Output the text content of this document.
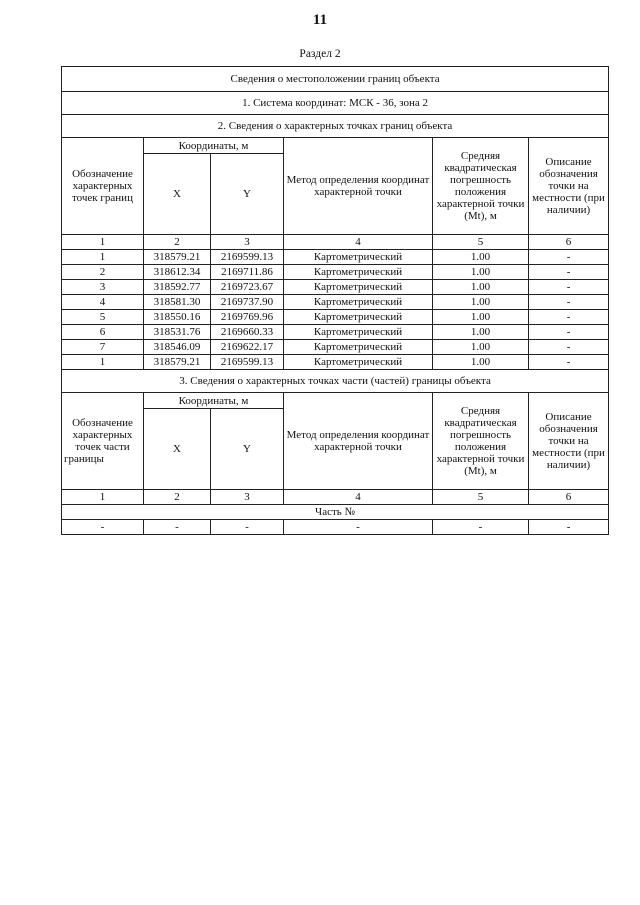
11
Раздел 2
Сведения о местоположении границ объекта					
1. Система координат: МСК - 36, зона 2					
2. Сведения о характерных точках границ объекта					
Обозначение характерных точек границ	Координаты, м		Метод определения координат характерной точки	Средняя квадратическая погрешность положения характерной точки (Mt), м	Описание обозначения точки на местности (при наличии)
	X	Y			
1	2	3	4	5	6
1	318579.21	2169599.13	Картометрический	1.00	-
2	318612.34	2169711.86	Картометрический	1.00	-
3	318592.77	2169723.67	Картометрический	1.00	-
4	318581.30	2169737.90	Картометрический	1.00	-
5	318550.16	2169769.96	Картометрический	1.00	-
6	318531.76	2169660.33	Картометрический	1.00	-
7	318546.09	2169622.17	Картометрический	1.00	-
1	318579.21	2169599.13	Картометрический	1.00	-
3. Сведения о характерных точках части (частей) границы объекта					
Обозначение характерных точек части границы	Координаты, м		Метод определения координат характерной точки	Средняя квадратическая погрешность положения характерной точки (Mt), м	Описание обозначения точки на местности (при наличии)
	X	Y			
1	2	3	4	5	6
Часть №					
-	-	-	-	-	-
